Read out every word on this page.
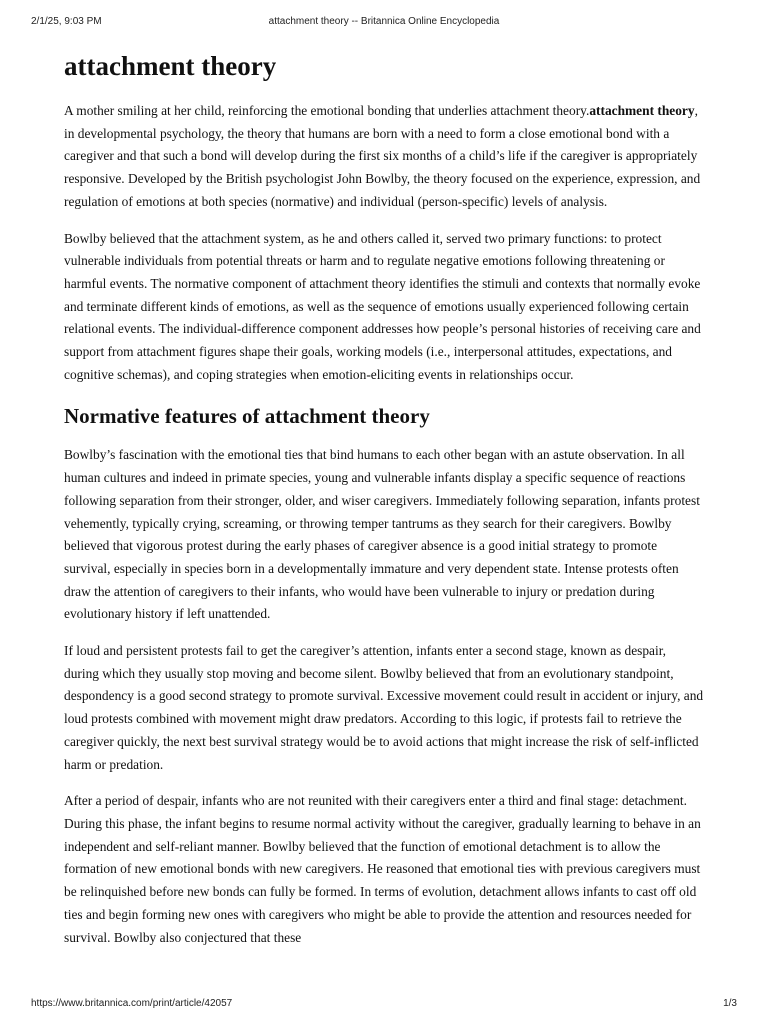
2/1/25, 9:03 PM	attachment theory -- Britannica Online Encyclopedia
attachment theory

A mother smiling at her child, reinforcing the emotional bonding that underlies attachment theory.attachment theory, in developmental psychology, the theory that humans are born with a need to form a close emotional bond with a caregiver and that such a bond will develop during the first six months of a child’s life if the caregiver is appropriately responsive. Developed by the British psychologist John Bowlby, the theory focused on the experience, expression, and regulation of emotions at both species (normative) and individual (person-specific) levels of analysis.

Bowlby believed that the attachment system, as he and others called it, served two primary functions: to protect vulnerable individuals from potential threats or harm and to regulate negative emotions following threatening or harmful events. The normative component of attachment theory identifies the stimuli and contexts that normally evoke and terminate different kinds of emotions, as well as the sequence of emotions usually experienced following certain relational events. The individual-difference component addresses how people’s personal histories of receiving care and support from attachment figures shape their goals, working models (i.e., interpersonal attitudes, expectations, and cognitive schemas), and coping strategies when emotion-eliciting events in relationships occur.

Normative features of attachment theory

Bowlby’s fascination with the emotional ties that bind humans to each other began with an astute observation. In all human cultures and indeed in primate species, young and vulnerable infants display a specific sequence of reactions following separation from their stronger, older, and wiser caregivers. Immediately following separation, infants protest vehemently, typically crying, screaming, or throwing temper tantrums as they search for their caregivers. Bowlby believed that vigorous protest during the early phases of caregiver absence is a good initial strategy to promote survival, especially in species born in a developmentally immature and very dependent state. Intense protests often draw the attention of caregivers to their infants, who would have been vulnerable to injury or predation during evolutionary history if left unattended.

If loud and persistent protests fail to get the caregiver’s attention, infants enter a second stage, known as despair, during which they usually stop moving and become silent. Bowlby believed that from an evolutionary standpoint, despondency is a good second strategy to promote survival. Excessive movement could result in accident or injury, and loud protests combined with movement might draw predators. According to this logic, if protests fail to retrieve the caregiver quickly, the next best survival strategy would be to avoid actions that might increase the risk of self-inflicted harm or predation.

After a period of despair, infants who are not reunited with their caregivers enter a third and final stage: detachment. During this phase, the infant begins to resume normal activity without the caregiver, gradually learning to behave in an independent and self-reliant manner. Bowlby believed that the function of emotional detachment is to allow the formation of new emotional bonds with new caregivers. He reasoned that emotional ties with previous caregivers must be relinquished before new bonds can fully be formed. In terms of evolution, detachment allows infants to cast off old ties and begin forming new ones with caregivers who might be able to provide the attention and resources needed for survival. Bowlby also conjectured that these

https://www.britannica.com/print/article/42057	1/3
